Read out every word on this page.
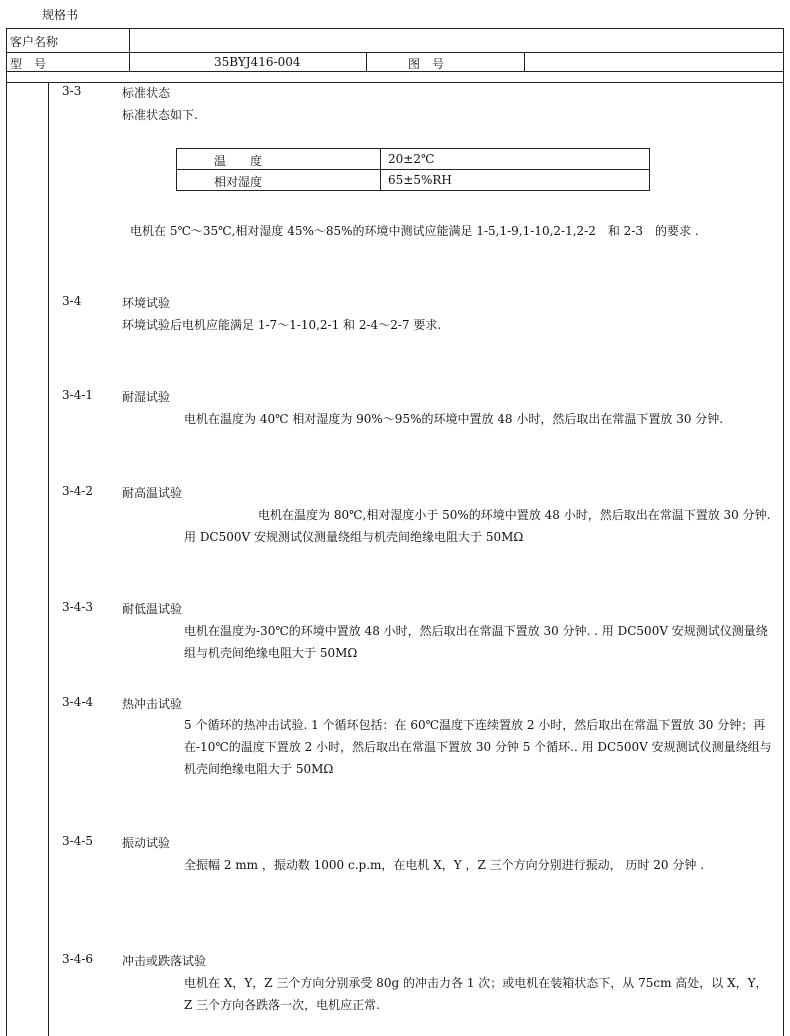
规格书
客户名称
型　号	35BYJ416-004	图　号
3-3	标准状态
标准状态如下.
温　　度	20±2℃
相对湿度	65±5%RH
电机在 5℃～35℃,相对湿度 45%～85%的环境中测试应能满足 1-5,1-9,1-10,2-1,2-2　和 2-3　的要求 .
3-4	环境试验
环境试验后电机应能满足 1-7～1-10,2-1 和 2-4～2-7 要求.
3-4-1 耐湿试验
电机在温度为 40℃ 相对湿度为 90%～95%的环境中置放 48 小时，然后取出在常温下置放 30 分钟.
3-4-2 耐高温试验
电机在温度为 80℃,相对湿度小于 50%的环境中置放 48 小时，然后取出在常温下置放 30 分钟. 用 DC500V 安规测试仪测量绕组与机壳间绝缘电阻大于 50MΩ
3-4-3 耐低温试验
电机在温度为-30℃的环境中置放 48 小时，然后取出在常温下置放 30 分钟. . 用 DC500V 安规测试仪测量绕组与机壳间绝缘电阻大于 50MΩ
3-4-4 热冲击试验
5 个循环的热冲击试验. 1 个循环包括：在 60℃温度下连续置放 2 小时，然后取出在常温下置放 30 分钟；再在-10℃的温度下置放 2 小时，然后取出在常温下置放 30 分钟 5 个循环.. 用 DC500V 安规测试仪测量绕组与机壳间绝缘电阻大于 50MΩ
3-4-5 振动试验
全振幅 2 mm ，振动数 1000 c.p.m，在电机 X，Y ，Z 三个方向分别进行振动， 历时 20 分钟 .
3-4-6 冲击或跌落试验
电机在 X，Y，Z 三个方向分别承受 80g 的冲击力各 1 次；或电机在装箱状态下，从 75cm 高处，以 X，Y，Z 三个方向各跌落一次，电机应正常.
